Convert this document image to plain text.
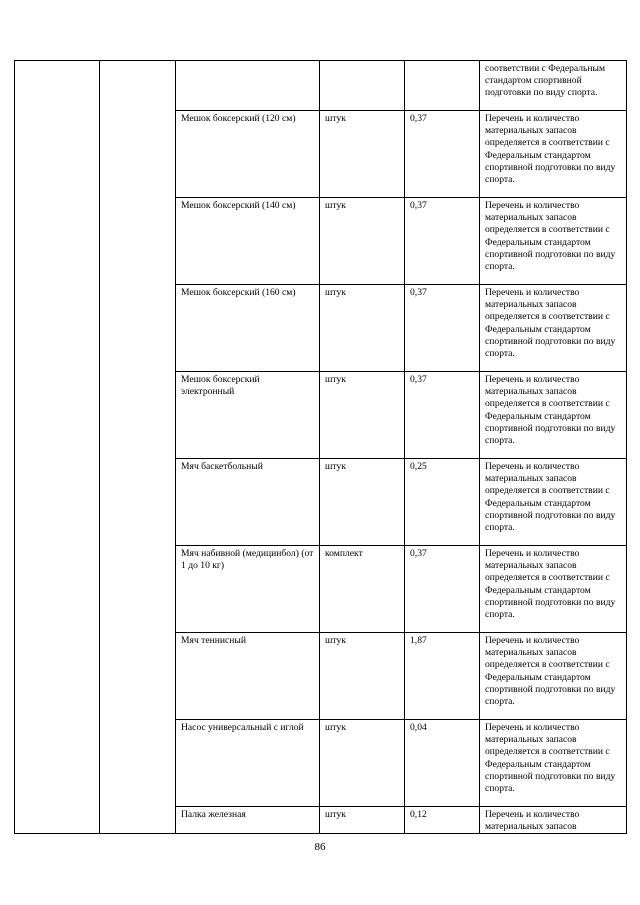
					соответствии с Федеральным стандартом спортивной подготовки по виду спорта.
		Мешок боксерский (120 см)	штук	0,37	Перечень и количество материальных запасов определяется в соответствии с Федеральным стандартом спортивной подготовки по виду спорта.
		Мешок боксерский (140 см)	штук	0,37	Перечень и количество материальных запасов определяется в соответствии с Федеральным стандартом спортивной подготовки по виду спорта.
		Мешок боксерский (160 см)	штук	0,37	Перечень и количество материальных запасов определяется в соответствии с Федеральным стандартом спортивной подготовки по виду спорта.
		Мешок боксерский электронный	штук	0,37	Перечень и количество материальных запасов определяется в соответствии с Федеральным стандартом спортивной подготовки по виду спорта.
		Мяч баскетбольный	штук	0,25	Перечень и количество материальных запасов определяется в соответствии с Федеральным стандартом спортивной подготовки по виду спорта.
		Мяч набивной (медицинбол) (от 1 до 10 кг)	комплект	0,37	Перечень и количество материальных запасов определяется в соответствии с Федеральным стандартом спортивной подготовки по виду спорта.
		Мяч теннисный	штук	1,87	Перечень и количество материальных запасов определяется в соответствии с Федеральным стандартом спортивной подготовки по виду спорта.
		Насос универсальный с иглой	штук	0,04	Перечень и количество материальных запасов определяется в соответствии с Федеральным стандартом спортивной подготовки по виду спорта.
		Палка железная	штук	0,12	Перечень и количество материальных запасов
86
